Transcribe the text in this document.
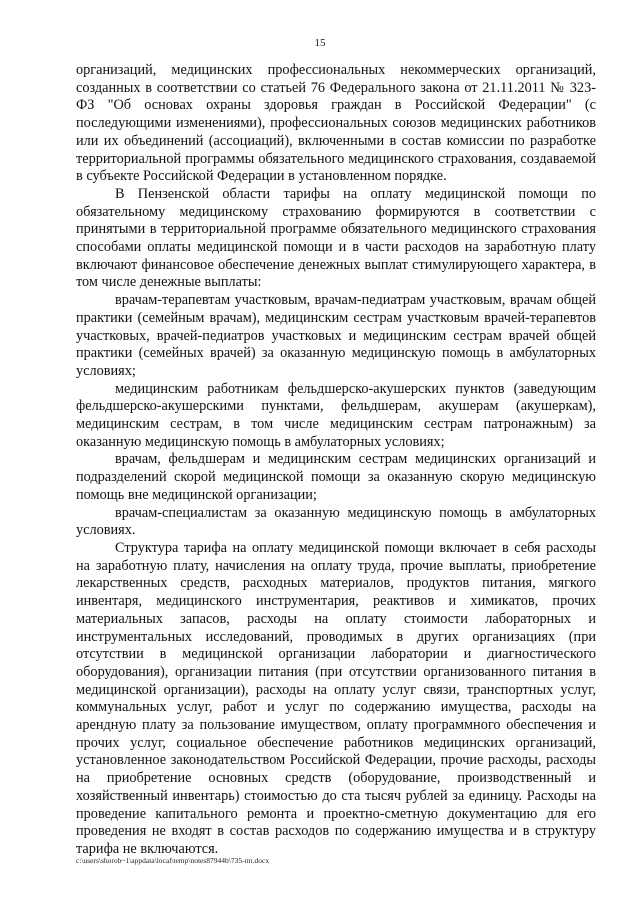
15

организаций, медицинских профессиональных некоммерческих организаций, созданных в соответствии со статьей 76 Федерального закона от 21.11.2011 № 323-ФЗ "Об основах охраны здоровья граждан в Российской Федерации" (с последующими изменениями), профессиональных союзов медицинских работников или их объединений (ассоциаций), включенными в состав комиссии по разработке территориальной программы обязательного медицинского страхования, создаваемой в субъекте Российской Федерации в установленном порядке.

В Пензенской области тарифы на оплату медицинской помощи по обязательному медицинскому страхованию формируются в соответствии с принятыми в территориальной программе обязательного медицинского страхования способами оплаты медицинской помощи и в части расходов на заработную плату включают финансовое обеспечение денежных выплат стимулирующего характера, в том числе денежные выплаты:

врачам-терапевтам участковым, врачам-педиатрам участковым, врачам общей практики (семейным врачам), медицинским сестрам участковым врачей-терапевтов участковых, врачей-педиатров участковых и медицинским сестрам врачей общей практики (семейных врачей) за оказанную медицинскую помощь в амбулаторных условиях;

медицинским работникам фельдшерско-акушерских пунктов (заведующим фельдшерско-акушерскими пунктами, фельдшерам, акушерам (акушеркам), медицинским сестрам, в том числе медицинским сестрам патронажным) за оказанную медицинскую помощь в амбулаторных условиях;

врачам, фельдшерам и медицинским сестрам медицинских организаций и подразделений скорой медицинской помощи за оказанную скорую медицинскую помощь вне медицинской организации;

врачам-специалистам за оказанную медицинскую помощь в амбулаторных условиях.

Структура тарифа на оплату медицинской помощи включает в себя расходы на заработную плату, начисления на оплату труда, прочие выплаты, приобретение лекарственных средств, расходных материалов, продуктов питания, мягкого инвентаря, медицинского инструментария, реактивов и химикатов, прочих материальных запасов, расходы на оплату стоимости лабораторных и инструментальных исследований, проводимых в других организациях (при отсутствии в медицинской организации лаборатории и диагностического оборудования), организации питания (при отсутствии организованного питания в медицинской организации), расходы на оплату услуг связи, транспортных услуг, коммунальных услуг, работ и услуг по содержанию имущества, расходы на арендную плату за пользование имуществом, оплату программного обеспечения и прочих услуг, социальное обеспечение работников медицинских организаций, установленное законодательством Российской Федерации, прочие расходы, расходы на приобретение основных средств (оборудование, производственный и хозяйственный инвентарь) стоимостью до ста тысяч рублей за единицу. Расходы на проведение капитального ремонта и проектно-сметную документацию для его проведения не входят в состав расходов по содержанию имущества и в структуру тарифа не включаются.

c:\users\shorob~1\appdata\local\temp\notes87944b\735-пп.docx
